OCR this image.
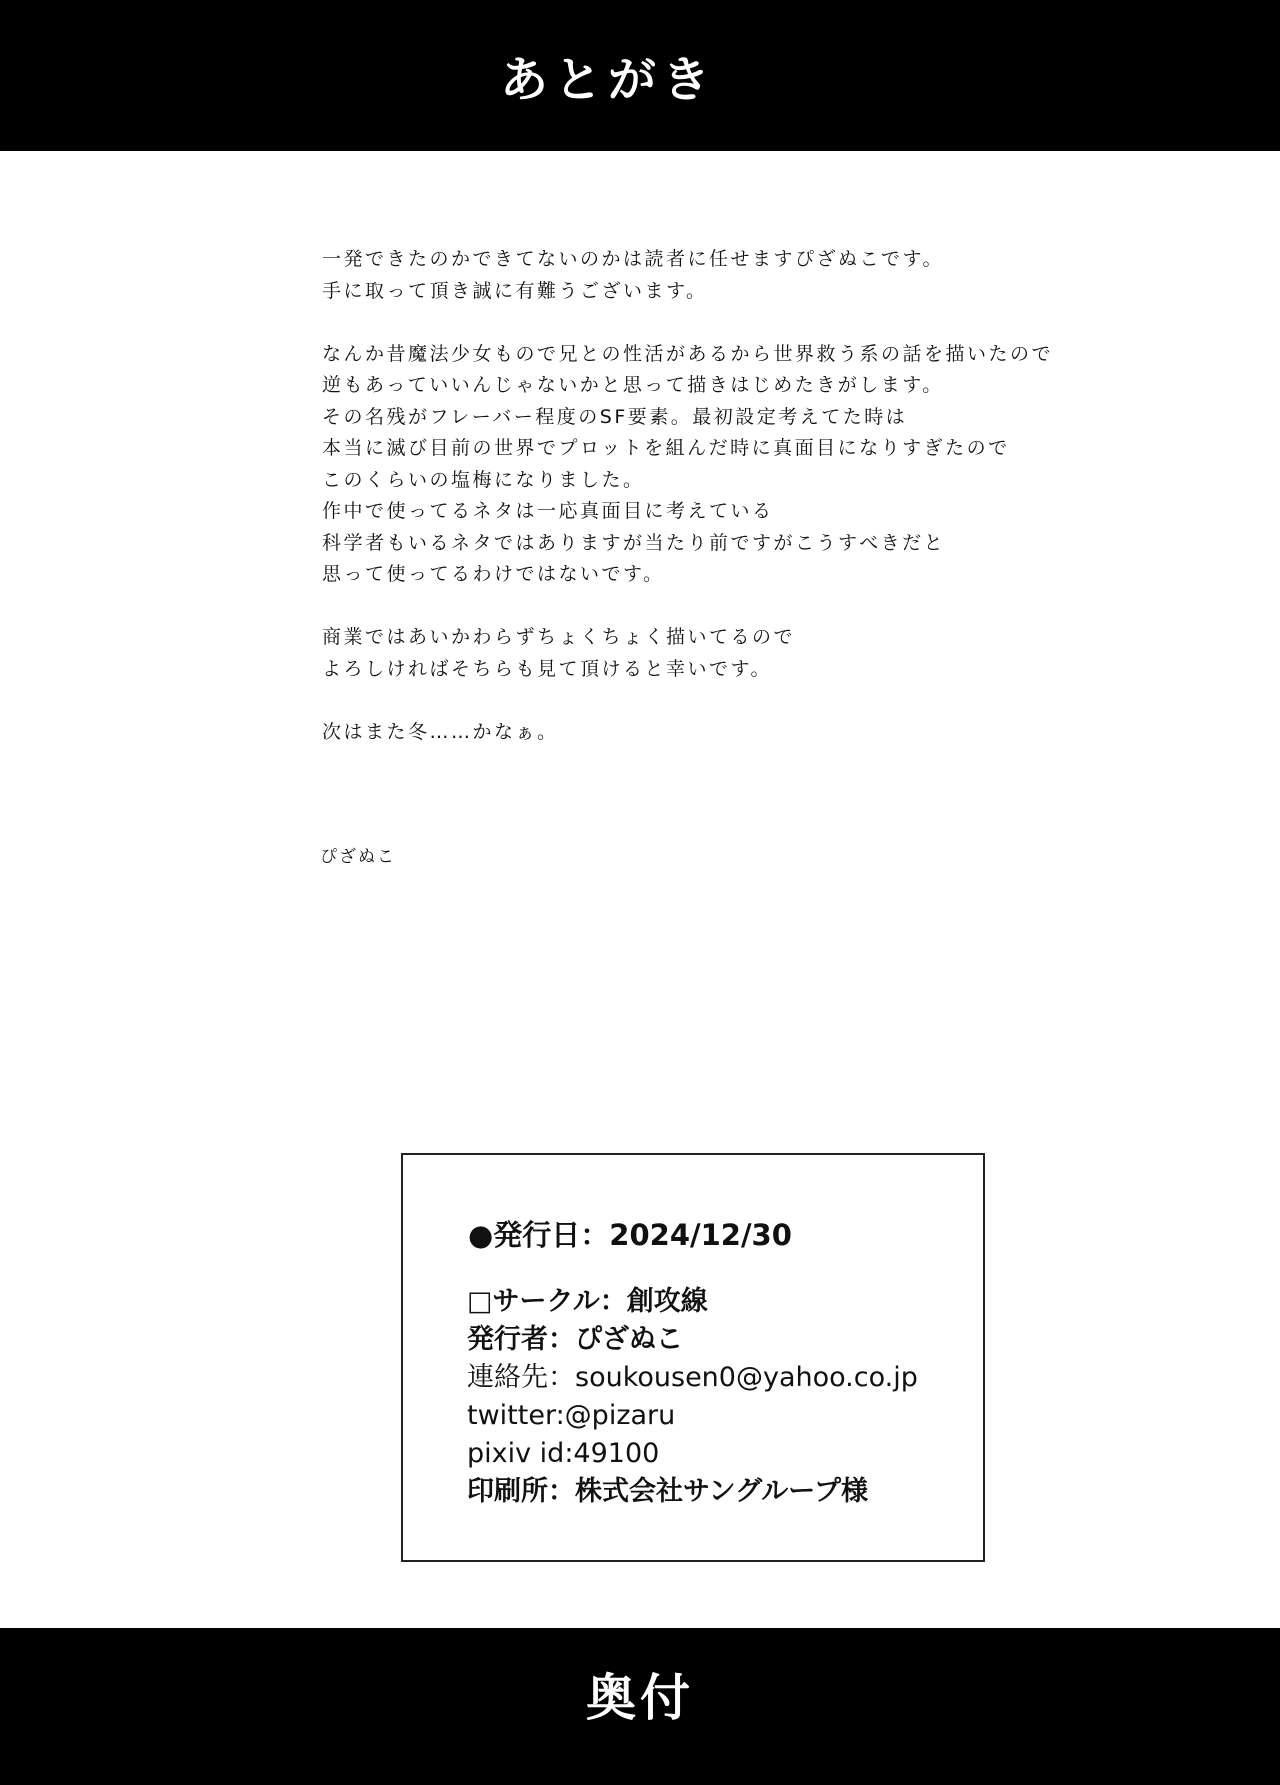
あとがき
一発できたのかできてないのかは読者に任せますぴざぬこです。
手に取って頂き誠に有難うございます。
なんか昔魔法少女もので兄との性活があるから世界救う系の話を描いたので
逆もあっていいんじゃないかと思って描きはじめたきがします。
その名残がフレーバー程度のSF要素。最初設定考えてた時は
本当に滅び目前の世界でプロットを組んだ時に真面目になりすぎたので
このくらいの塩梅になりました。
作中で使ってるネタは一応真面目に考えている
科学者もいるネタではありますが当たり前ですがこうすべきだと
思って使ってるわけではないです。
商業ではあいかわらずちょくちょく描いてるので
よろしければそちらも見て頂けると幸いです。
次はまた冬……かなぁ。
ぴざぬこ
●発行日：2024/12/30
□サークル：創攻線
発行者：ぴざぬこ
連絡先：soukousen0@yahoo.co.jp
twitter:@pizaru
pixiv id:49100
印刷所：株式会社サングループ様
奥付
